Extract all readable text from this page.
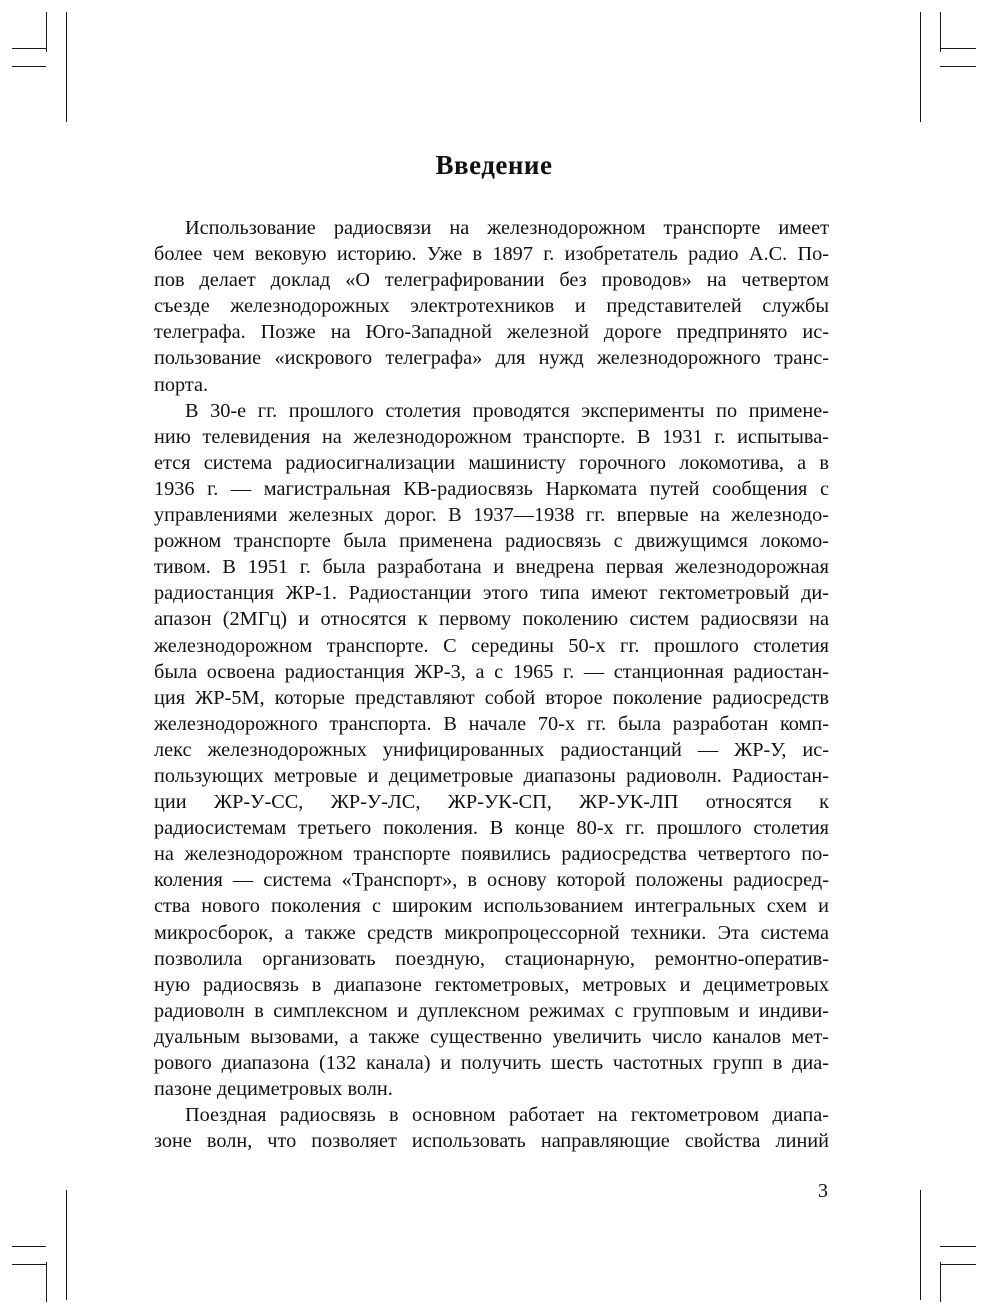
Введение
Использование радиосвязи на железнодорожном транспорте имеет
более чем вековую историю. Уже в 1897 г. изобретатель радио А.С. По-
пов делает доклад «О телеграфировании без проводов» на четвертом
съезде железнодорожных электротехников и представителей службы
телеграфа. Позже на Юго-Западной железной дороге предпринято ис-
пользование «искрового телеграфа» для нужд железнодорожного транс-
порта.
В 30-е гг. прошлого столетия проводятся эксперименты по примене-
нию телевидения на железнодорожном транспорте. В 1931 г. испытыва-
ется система радиосигнализации машинисту горочного локомотива, а в
1936 г. — магистральная КВ-радиосвязь Наркомата путей сообщения с
управлениями железных дорог. В 1937—1938 гг. впервые на железнодо-
рожном транспорте была применена радиосвязь с движущимся локомо-
тивом. В 1951 г. была разработана и внедрена первая железнодорожная
радиостанция ЖР-1. Радиостанции этого типа имеют гектометровый ди-
апазон (2МГц) и относятся к первому поколению систем радиосвязи на
железнодорожном транспорте. С середины 50-х гг. прошлого столетия
была освоена радиостанция ЖР-3, а с 1965 г. — станционная радиостан-
ция ЖР-5М, которые представляют собой второе поколение радиосредств
железнодорожного транспорта. В начале 70-х гг. была разработан комп-
лекс железнодорожных унифицированных радиостанций — ЖР-У, ис-
пользующих метровые и дециметровые диапазоны радиоволн. Радиостан-
ции ЖР-У-СС, ЖР-У-ЛС, ЖР-УК-СП, ЖР-УК-ЛП относятся к
радиосистемам третьего поколения. В конце 80-х гг. прошлого столетия
на железнодорожном транспорте появились радиосредства четвертого по-
коления — система «Транспорт», в основу которой положены радиосред-
ства нового поколения с широким использованием интегральных схем и
микросборок, а также средств микропроцессорной техники. Эта система
позволила организовать поездную, стационарную, ремонтно-оператив-
ную радиосвязь в диапазоне гектометровых, метровых и дециметровых
радиоволн в симплексном и дуплексном режимах с групповым и индиви-
дуальным вызовами, а также существенно увеличить число каналов мет-
рового диапазона (132 канала) и получить шесть частотных групп в диа-
пазоне дециметровых волн.
Поездная радиосвязь в основном работает на гектометровом диапа-
зоне волн, что позволяет использовать направляющие свойства линий
3
